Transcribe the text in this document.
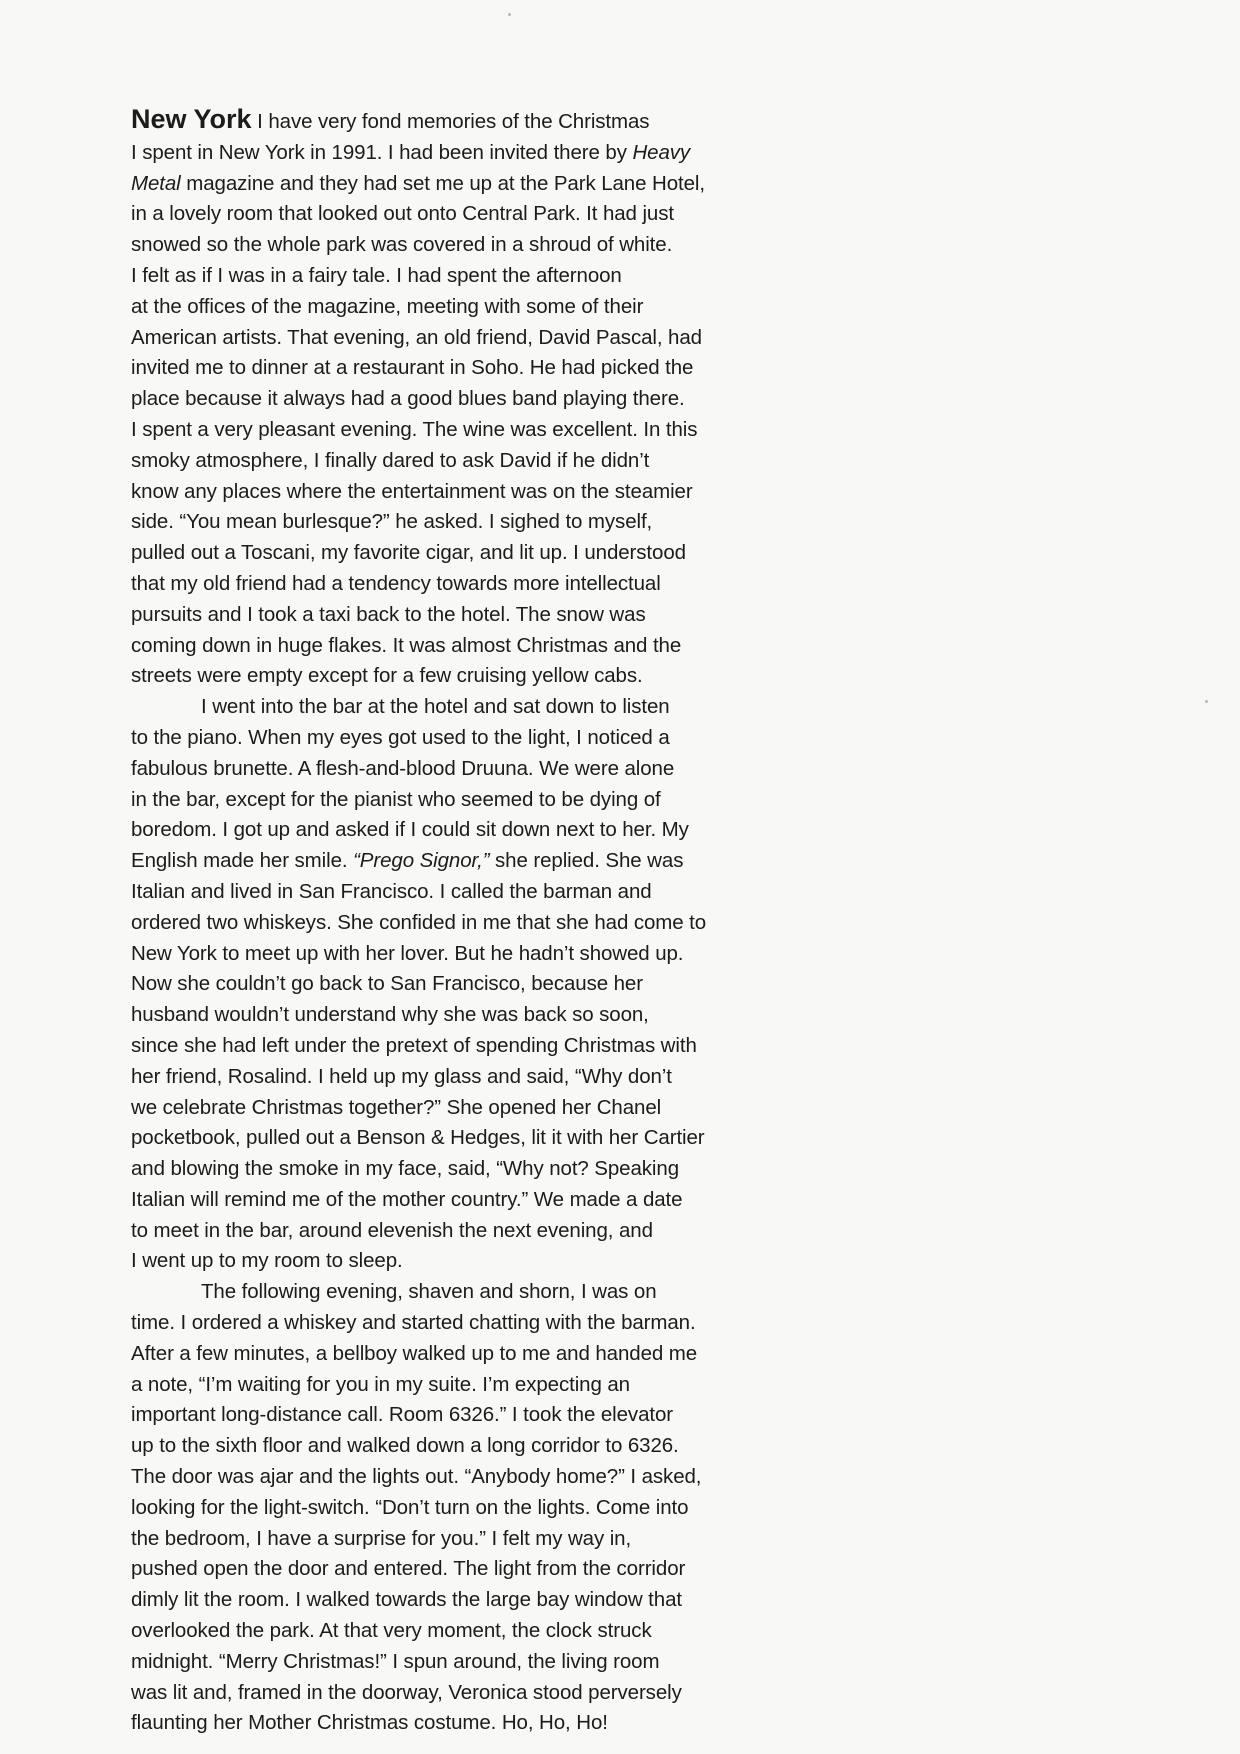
New York I have very fond memories of the Christmas
I spent in New York in 1991. I had been invited there by Heavy
Metal magazine and they had set me up at the Park Lane Hotel,
in a lovely room that looked out onto Central Park. It had just
snowed so the whole park was covered in a shroud of white.
I felt as if I was in a fairy tale. I had spent the afternoon
at the offices of the magazine, meeting with some of their
American artists. That evening, an old friend, David Pascal, had
invited me to dinner at a restaurant in Soho. He had picked the
place because it always had a good blues band playing there.
I spent a very pleasant evening. The wine was excellent. In this
smoky atmosphere, I finally dared to ask David if he didn’t
know any places where the entertainment was on the steamier
side. “You mean burlesque?” he asked. I sighed to myself,
pulled out a Toscani, my favorite cigar, and lit up. I understood
that my old friend had a tendency towards more intellectual
pursuits and I took a taxi back to the hotel. The snow was
coming down in huge flakes. It was almost Christmas and the
streets were empty except for a few cruising yellow cabs.
I went into the bar at the hotel and sat down to listen
to the piano. When my eyes got used to the light, I noticed a
fabulous brunette. A flesh-and-blood Druuna. We were alone
in the bar, except for the pianist who seemed to be dying of
boredom. I got up and asked if I could sit down next to her. My
English made her smile. “Prego Signor,” she replied. She was
Italian and lived in San Francisco. I called the barman and
ordered two whiskeys. She confided in me that she had come to
New York to meet up with her lover. But he hadn’t showed up.
Now she couldn’t go back to San Francisco, because her
husband wouldn’t understand why she was back so soon,
since she had left under the pretext of spending Christmas with
her friend, Rosalind. I held up my glass and said, “Why don’t
we celebrate Christmas together?” She opened her Chanel
pocketbook, pulled out a Benson & Hedges, lit it with her Cartier
and blowing the smoke in my face, said, “Why not? Speaking
Italian will remind me of the mother country.” We made a date
to meet in the bar, around elevenish the next evening, and
I went up to my room to sleep.
The following evening, shaven and shorn, I was on
time. I ordered a whiskey and started chatting with the barman.
After a few minutes, a bellboy walked up to me and handed me
a note, “I’m waiting for you in my suite. I’m expecting an
important long-distance call. Room 6326.” I took the elevator
up to the sixth floor and walked down a long corridor to 6326.
The door was ajar and the lights out. “Anybody home?” I asked,
looking for the light-switch. “Don’t turn on the lights. Come into
the bedroom, I have a surprise for you.” I felt my way in,
pushed open the door and entered. The light from the corridor
dimly lit the room. I walked towards the large bay window that
overlooked the park. At that very moment, the clock struck
midnight. “Merry Christmas!” I spun around, the living room
was lit and, framed in the doorway, Veronica stood perversely
flaunting her Mother Christmas costume. Ho, Ho, Ho!
